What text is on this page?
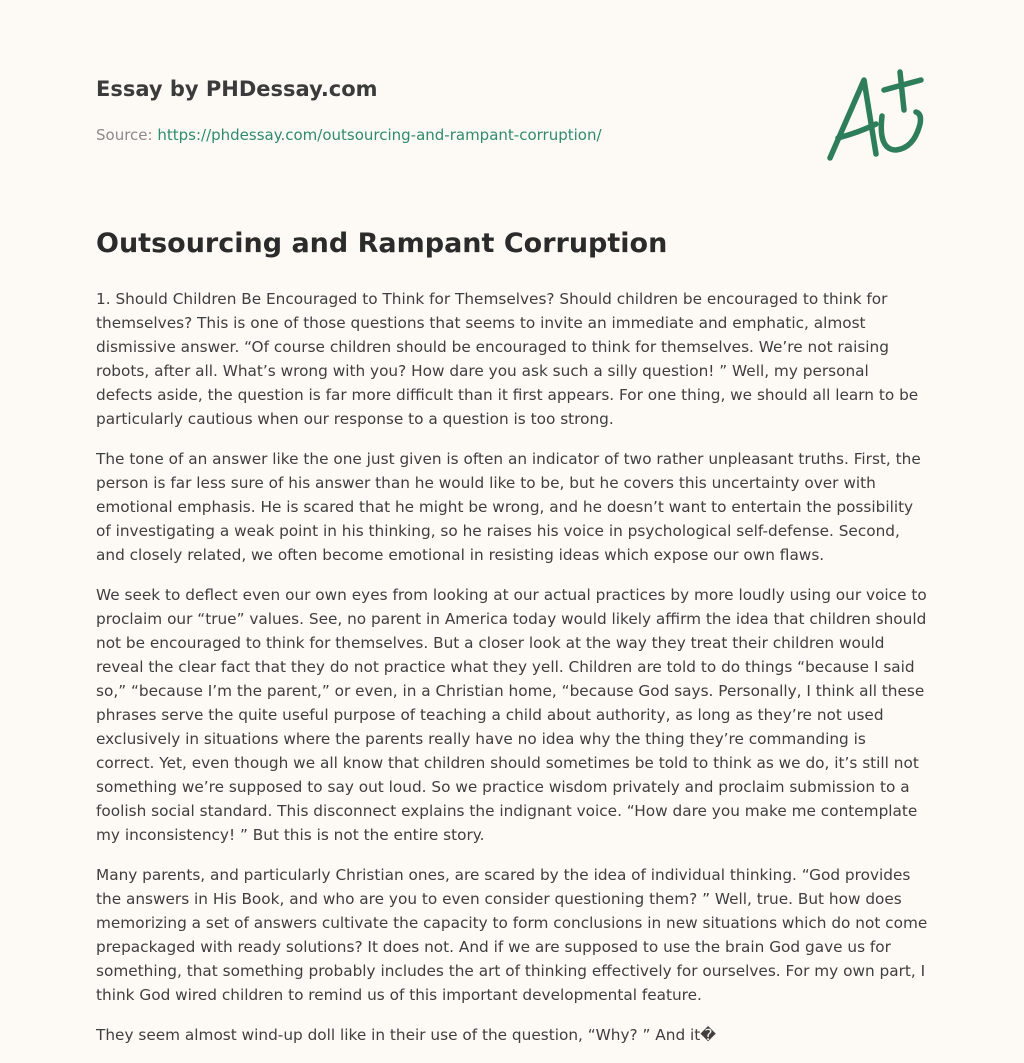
Essay by PHDessay.com
Source: https://phdessay.com/outsourcing-and-rampant-corruption/
Outsourcing and Rampant Corruption

1. Should Children Be Encouraged to Think for Themselves? Should children be encouraged to think for themselves? This is one of those questions that seems to invite an immediate and emphatic, almost dismissive answer. “Of course children should be encouraged to think for themselves. We’re not raising robots, after all. What’s wrong with you? How dare you ask such a silly question! ” Well, my personal defects aside, the question is far more difficult than it first appears. For one thing, we should all learn to be particularly cautious when our response to a question is too strong.

The tone of an answer like the one just given is often an indicator of two rather unpleasant truths. First, the person is far less sure of his answer than he would like to be, but he covers this uncertainty over with emotional emphasis. He is scared that he might be wrong, and he doesn’t want to entertain the possibility of investigating a weak point in his thinking, so he raises his voice in psychological self-defense. Second, and closely related, we often become emotional in resisting ideas which expose our own flaws.

We seek to deflect even our own eyes from looking at our actual practices by more loudly using our voice to proclaim our “true” values. See, no parent in America today would likely affirm the idea that children should not be encouraged to think for themselves. But a closer look at the way they treat their children would reveal the clear fact that they do not practice what they yell. Children are told to do things “because I said so,” “because I’m the parent,” or even, in a Christian home, “because God says. Personally, I think all these phrases serve the quite useful purpose of teaching a child about authority, as long as they’re not used exclusively in situations where the parents really have no idea why the thing they’re commanding is correct. Yet, even though we all know that children should sometimes be told to think as we do, it’s still not something we’re supposed to say out loud. So we practice wisdom privately and proclaim submission to a foolish social standard. This disconnect explains the indignant voice. “How dare you make me contemplate my inconsistency! ” But this is not the entire story.

Many parents, and particularly Christian ones, are scared by the idea of individual thinking. “God provides the answers in His Book, and who are you to even consider questioning them? ” Well, true. But how does memorizing a set of answers cultivate the capacity to form conclusions in new situations which do not come prepackaged with ready solutions? It does not. And if we are supposed to use the brain God gave us for something, that something probably includes the art of thinking effectively for ourselves. For my own part, I think God wired children to remind us of this important developmental feature.

They seem almost wind-up doll like in their use of the question, “Why? ” And it�
